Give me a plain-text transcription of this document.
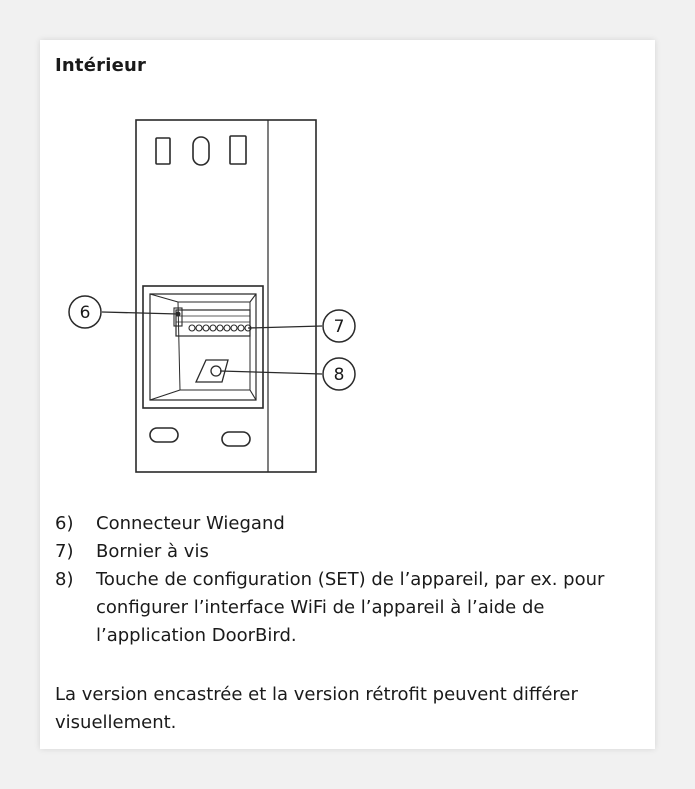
Intérieur
6
7
8
6)	Connecteur Wiegand
7)	Bornier à vis
8)	Touche de configuration (SET) de l’appareil, par ex. pour configurer l’interface WiFi de l’appareil à l’aide de l’application DoorBird.
La version encastrée et la version rétrofit peuvent différer visuellement.
